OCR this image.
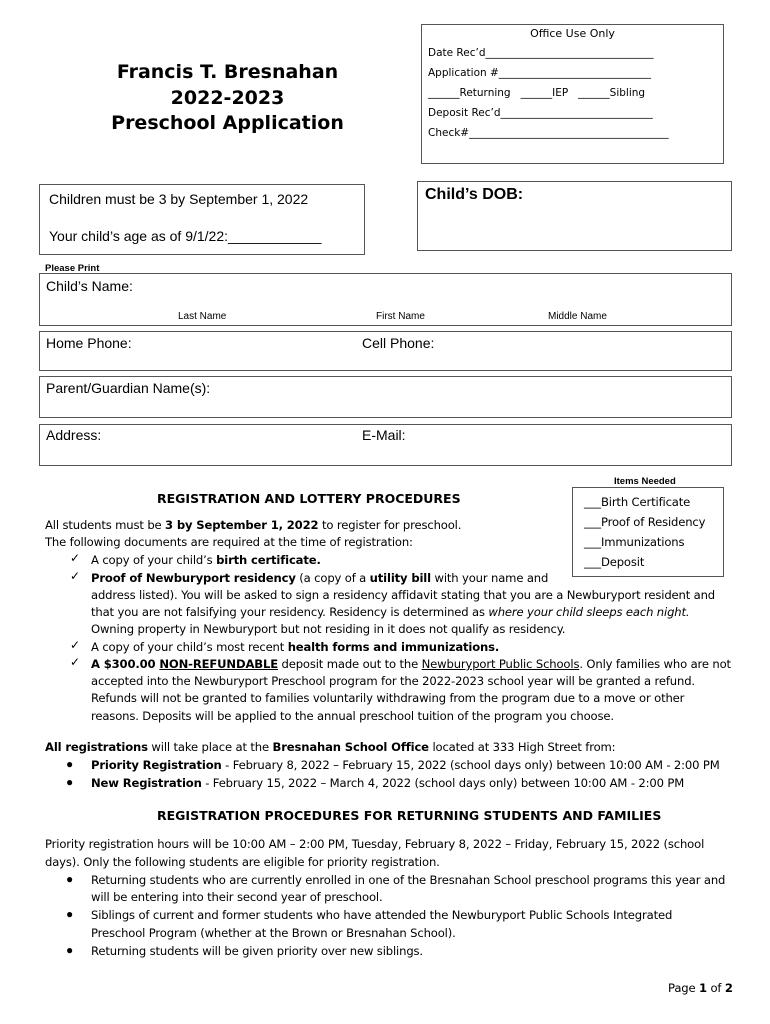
Office Use Only
Date Rec’d________________________________
Application #_____________________________
______Returning   ______IEP   ______Sibling
Deposit Rec’d_____________________________
Check#______________________________________
Francis T. Bresnahan
2022-2023
Preschool Application
Children must be 3 by September 1, 2022
Your child’s age as of 9/1/22:____________
Child’s DOB:
Please Print
Child’s Name:
Last Name	First Name	Middle Name
Home Phone:	Cell Phone:
Parent/Guardian Name(s):
Address:	E-Mail:
Items Needed
___Birth Certificate
___Proof of Residency
___Immunizations
___Deposit
REGISTRATION AND LOTTERY PROCEDURES
All students must be 3 by September 1, 2022 to register for preschool.
The following documents are required at the time of registration:
✓ A copy of your child’s birth certificate.
✓ Proof of Newburyport residency (a copy of a utility bill with your name and
address listed). You will be asked to sign a residency affidavit stating that you are a Newburyport resident and
that you are not falsifying your residency. Residency is determined as where your child sleeps each night.
Owning property in Newburyport but not residing in it does not qualify as residency.
✓ A copy of your child’s most recent health forms and immunizations.
✓ A $300.00 NON-REFUNDABLE deposit made out to the Newburyport Public Schools. Only families who are not
accepted into the Newburyport Preschool program for the 2022-2023 school year will be granted a refund.
Refunds will not be granted to families voluntarily withdrawing from the program due to a move or other
reasons. Deposits will be applied to the annual preschool tuition of the program you choose.
All registrations will take place at the Bresnahan School Office located at 333 High Street from:
● Priority Registration - February 8, 2022 – February 15, 2022 (school days only) between 10:00 AM - 2:00 PM
● New Registration - February 15, 2022 – March 4, 2022 (school days only) between 10:00 AM - 2:00 PM
REGISTRATION PROCEDURES FOR RETURNING STUDENTS AND FAMILIES
Priority registration hours will be 10:00 AM – 2:00 PM, Tuesday, February 8, 2022 – Friday, February 15, 2022 (school
days). Only the following students are eligible for priority registration.
● Returning students who are currently enrolled in one of the Bresnahan School preschool programs this year and
will be entering into their second year of preschool.
● Siblings of current and former students who have attended the Newburyport Public Schools Integrated
Preschool Program (whether at the Brown or Bresnahan School).
● Returning students will be given priority over new siblings.
Page 1 of 2
